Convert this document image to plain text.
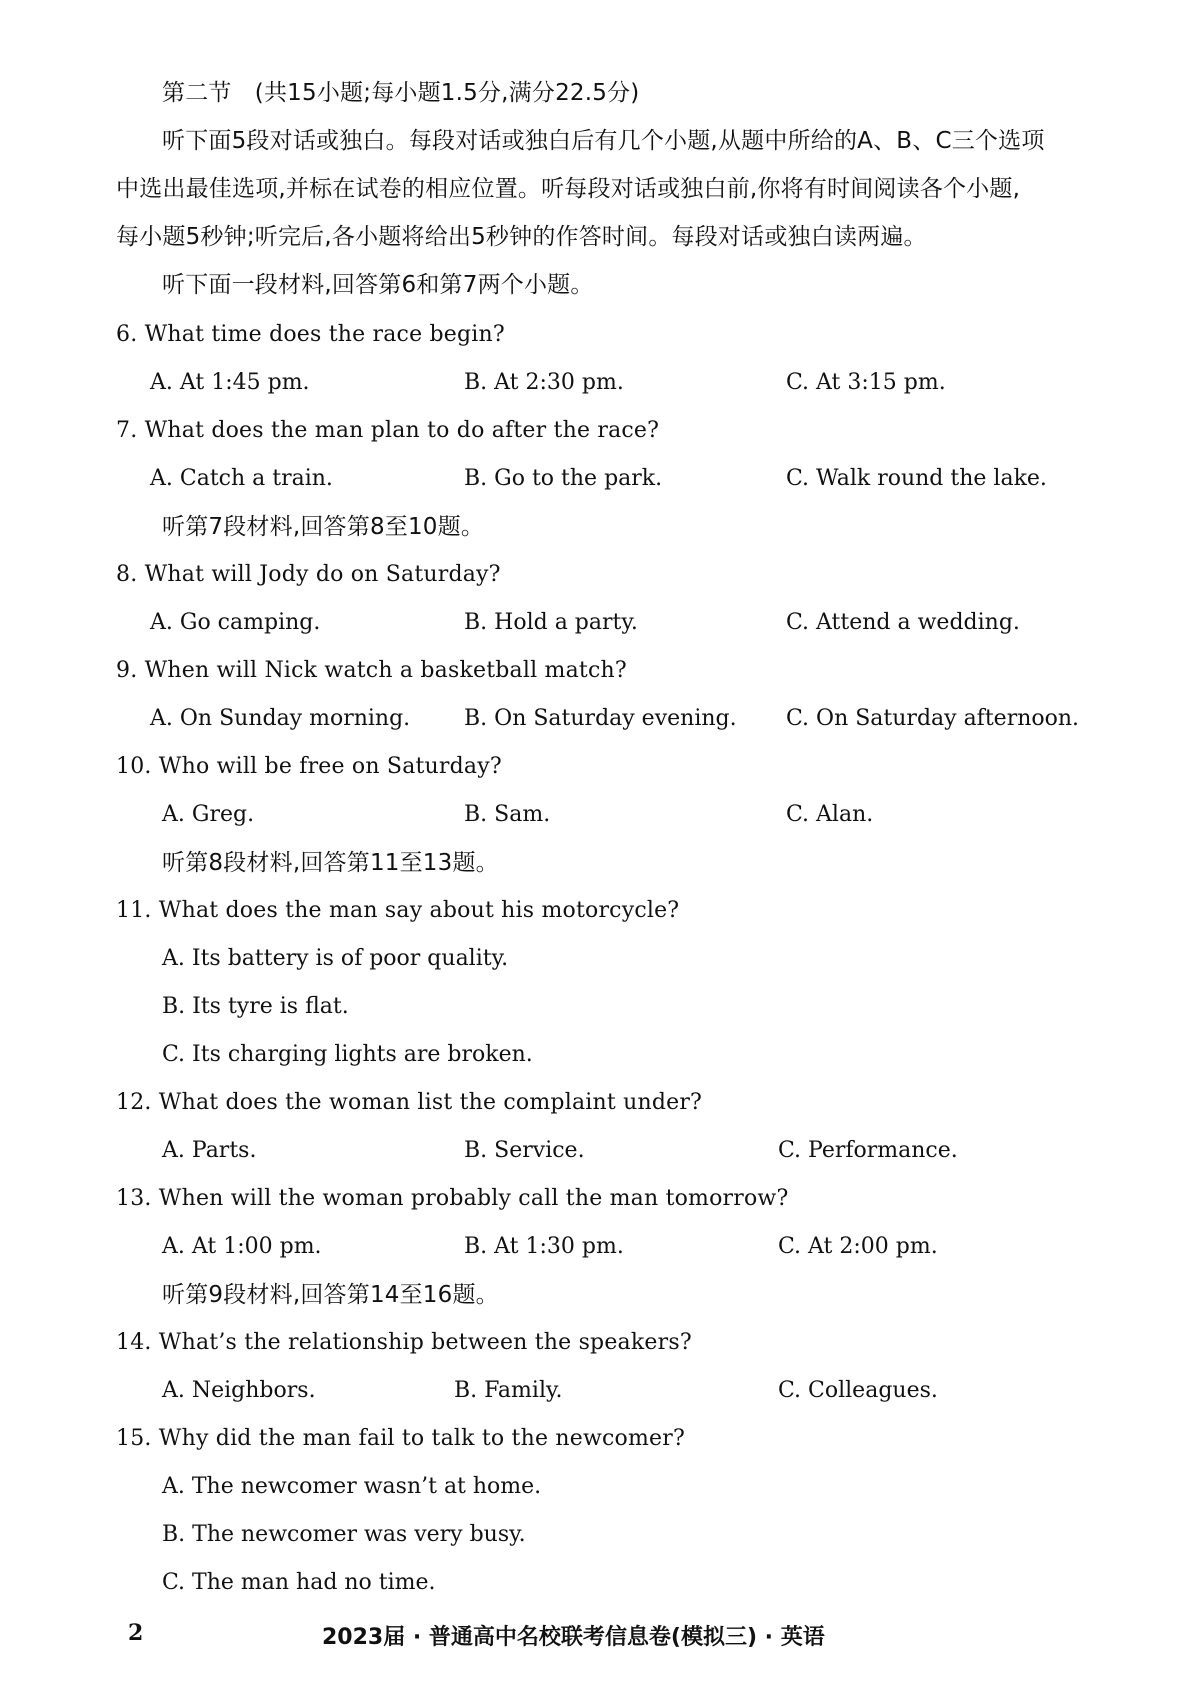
第二节　(共15小题;每小题1.5分,满分22.5分)
听下面5段对话或独白。每段对话或独白后有几个小题,从题中所给的A、B、C三个选项
中选出最佳选项,并标在试卷的相应位置。听每段对话或独白前,你将有时间阅读各个小题,
每小题5秒钟;听完后,各小题将给出5秒钟的作答时间。每段对话或独白读两遍。
听下面一段材料,回答第6和第7两个小题。
6. What time does the race begin?
A. At 1:45 pm.	B. At 2:30 pm.	C. At 3:15 pm.
7. What does the man plan to do after the race?
A. Catch a train.	B. Go to the park.	C. Walk round the lake.
听第7段材料,回答第8至10题。
8. What will Jody do on Saturday?
A. Go camping.	B. Hold a party.	C. Attend a wedding.
9. When will Nick watch a basketball match?
A. On Sunday morning. B. On Saturday evening. C. On Saturday afternoon.
10. Who will be free on Saturday?
A. Greg.	B. Sam.	C. Alan.
听第8段材料,回答第11至13题。
11. What does the man say about his motorcycle?
A. Its battery is of poor quality.
B. Its tyre is flat.
C. Its charging lights are broken.
12. What does the woman list the complaint under?
A. Parts.	B. Service.	C. Performance.
13. When will the woman probably call the man tomorrow?
A. At 1:00 pm.	B. At 1:30 pm.	C. At 2:00 pm.
听第9段材料,回答第14至16题。
14. What’s the relationship between the speakers?
A. Neighbors.	B. Family.	C. Colleagues.
15. Why did the man fail to talk to the newcomer?
A. The newcomer wasn’t at home.
B. The newcomer was very busy.
C. The man had no time.
2	2023届 · 普通高中名校联考信息卷(模拟三) · 英语
